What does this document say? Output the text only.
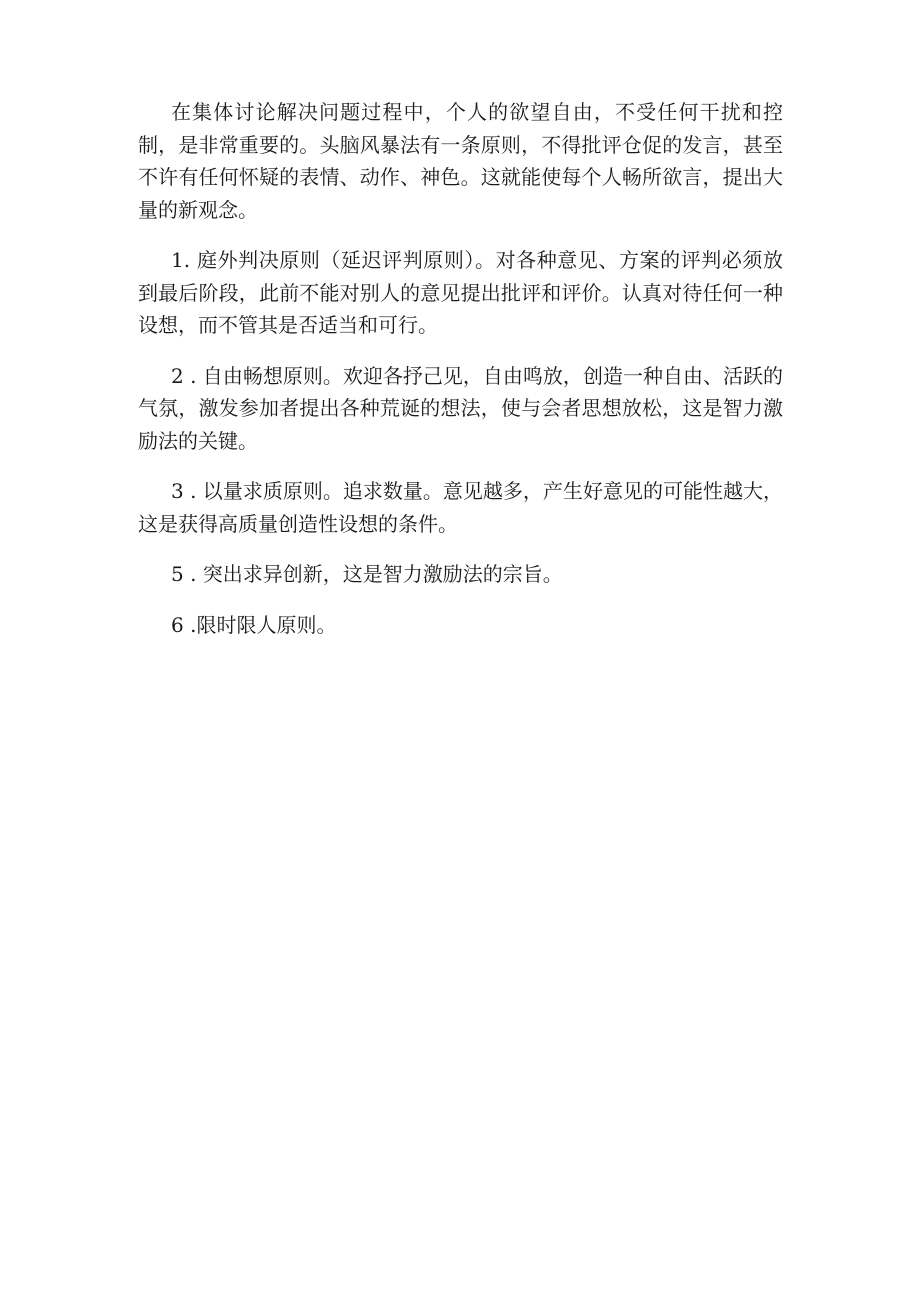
在集体讨论解决问题过程中，个人的欲望自由，不受任何干扰和控制，是非常重要的。头脑风暴法有一条原则，不得批评仓促的发言，甚至不许有任何怀疑的表情、动作、神色。这就能使每个人畅所欲言，提出大量的新观念。

1. 庭外判决原则（延迟评判原则）。对各种意见、方案的评判必须放到最后阶段，此前不能对别人的意见提出批评和评价。认真对待任何一种设想，而不管其是否适当和可行。

2 . 自由畅想原则。欢迎各抒己见，自由鸣放，创造一种自由、活跃的气氛，激发参加者提出各种荒诞的想法，使与会者思想放松，这是智力激励法的关键。

3 . 以量求质原则。追求数量。意见越多，产生好意见的可能性越大，这是获得高质量创造性设想的条件。

5 . 突出求异创新，这是智力激励法的宗旨。

6 .限时限人原则。
